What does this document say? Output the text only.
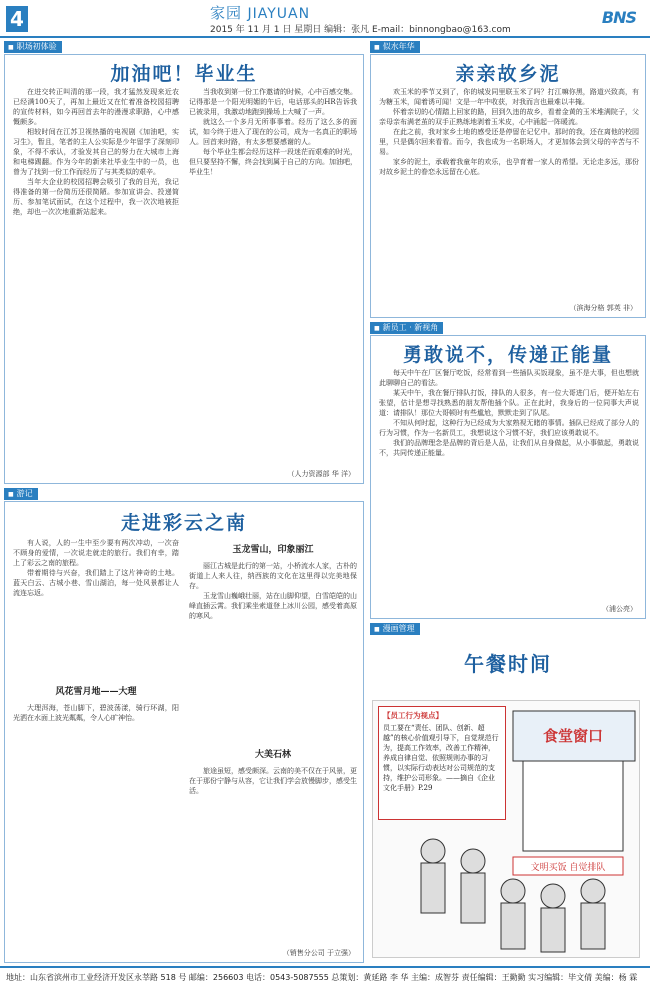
4	家园 JIAYUAN
2015 年 11 月 1 日 星期日 编辑：张凡 E-mail：binnongbao@163.com
BNS
■ 职场初体验
加油吧！毕业生

在进交转正叫清的那一段，我才猛然发现来近农已经满100天了，再加上最近又在忙着准备校园招聘的宣传材料，如今再回首去年的漫漫求职路，心中感慨颇多。

相较时间在江苏卫视热播的电视剧《加油吧，实习生》，暂且，笔者的主人公实际是少年留学了深刻印象，不得不承认，才验发其自己的努力在大城市上海和电梯踢翻。作为今年的新来社毕业生中的一员，也曾为了找到一份工作而经历了与其类似的艰辛。

当年大企业的校园招聘会吸引了我的目光，我记得准备的第一份简历还很简陋。参加宣讲会、投递简历、参加笔试面试，在这个过程中，我一次次地被拒绝，却也一次次地重新站起来。

当我收到第一份工作邀请的时候，心中百感交集。记得那是一个阳光明媚的午后，电话那头的HR告诉我已被录用，我激动地跑到操场上大喊了一声。

就这么一个多月无所事事着。经历了这么多的面试，如今终于进入了现在的公司，成为一名真正的职场人。回首来时路，有太多想要感谢的人。

每个毕业生都会经历这样一段迷茫而艰难的时光，但只要坚持不懈，终会找到属于自己的方向。加油吧，毕业生！

（人力资源部 华 洋）
■ 似水年华
亲亲故乡泥

欢玉米的季节又到了，你的城发同里联玉米了吗？打江嘛你黑，路道兴致高，有为糖玉米，闻着诱可闻！文是一年中收获，对我而言也最难以丰掩。

怀着亲切的心情踏上回家的路，回到久违的故乡，看着金黄的玉米堆满院子，父亲母亲布满老茧的双手正熟练地剥着玉米皮，心中涌起一阵暖流。

在此之前，我对家乡土地的感受还是停留在记忆中。那时的我，还在离他的校园里，只是偶尔回来看看。而今，我也成为一名职场人，才更加体会到父母的辛苦与不易。

家乡的泥土，承载着我童年的欢乐，也孕育着一家人的希望。无论走多远，那份对故乡泥土的眷恋永远留在心底。

（滨海分格 郭英 非）
■ 新员工 · 新视角
勇敢说不，传递正能量

每天中午在厂区餐厅吃饭，经常看到一些插队买饭现象，虽不是大事，但也想就此聊聊自己的看法。

某天中午，我在餐厅排队打饭，排队的人很多，有一位大哥进门后，便开始左右张望，估计是想寻找熟悉的朋友帮他插个队。正在此时，我身后的一位同事大声说道：请排队！那位大哥顿时有些尴尬，默默走到了队尾。

不知从何时起，这种行为已经成为大家熟视无睹的事情。插队已经成了部分人的行为习惯，作为一名新员工，我想说这个习惯不好，我们应该勇敢说不。

我们的品牌理念是品牌的背后是人品，让我们从自身做起，从小事做起，勇敢说不，共同传递正能量。

（浦公亮）
■ 游记
走进彩云之南

有人说，人的一生中至少要有两次冲动，一次奋不顾身的爱情，一次说走就走的旅行。我们有幸，踏上了彩云之南的旅程。

带着期待与兴奋，我们踏上了这片神奇的土地。蓝天白云、古城小巷、雪山湖泊，每一处风景都让人流连忘返。

风花雪月地——大理

大理洱海，苍山脚下，碧波荡漾，骑行环湖，阳光洒在水面上波光粼粼，令人心旷神怡。

玉龙雪山，印象丽江

丽江古城是此行的第一站，小桥流水人家，古朴的街道上人来人往，纳西族的文化在这里得以完美地保存。

玉龙雪山巍峨壮丽，站在山脚仰望，白雪皑皑的山峰直插云霄。我们乘坐索道登上冰川公园，感受着高原的寒风。

大美石林

旅途虽短，感受颇深。云南的美不仅在于风景，更在于那份宁静与从容，它让我们学会放慢脚步，感受生活。

（销售分公司 于立强）
■ 漫画管理
午餐时间
食堂窗口
文明买饭 自觉排队
【员工行为视点】
员工要在“责任、团队、创新、超越”的核心价值观引导下，自觉规范行为，提高工作效率，改善工作精神，养成自律自觉、依照规则办事的习惯，以实际行动表达对公司规范的支持，维护公司形象。——摘自《企业文化手册》P.29
地址：山东省滨州市工业经济开发区永莘路 518 号 邮编：256603 电话：0543-5087555 总策划：黄延路 李 华 主编：成智芬 责任编辑：王勤勤 实习编辑：毕文倩 美编：杨 霖
